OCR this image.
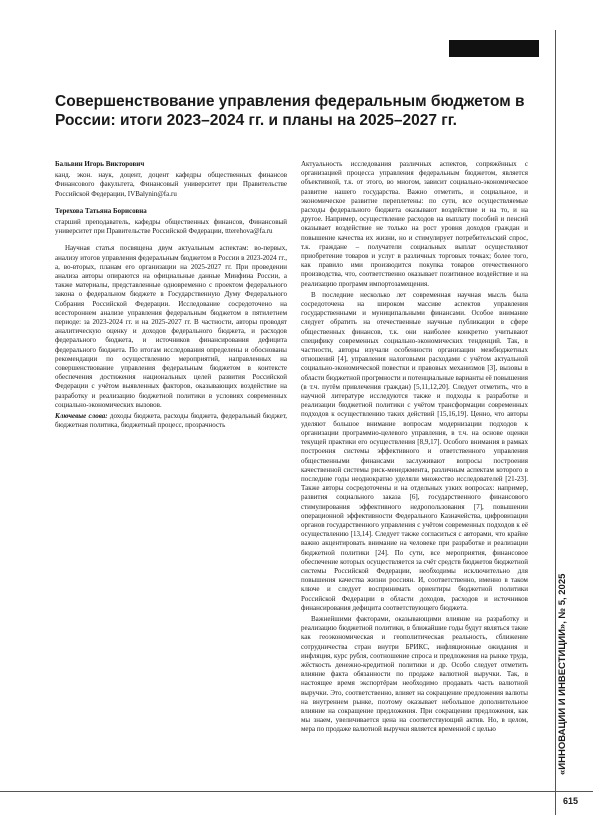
Совершенствование управления федеральным бюджетом в России: итоги 2023–2024 гг. и планы на 2025–2027 гг.

Бальвин Игорь Викторович

канд. экон. наук, доцент, доцент кафедры общественных финансов Финансового факультета, Финансовый университет при Правительстве Российской Федерации, IVBalynin@fa.ru

Терехова Татьяна Борисовна

старший преподаватель, кафедры общественных финансов, Финансовый университет при Правительстве Российской Федерации, ttterehova@fa.ru

Научная статья посвящена двум актуальным аспектам: во-первых, анализу итогов управления федеральным бюджетом в России в 2023-2024 гг., а, во-вторых, планам его организации на 2025-2027 гг. При проведении анализа авторы опираются на официальные данные Минфина России, а также материалы, представленные одновременно с проектом федерального закона о федеральном бюджете в Государственную Думу Федерального Собрания Российской Федерации. Исследование сосредоточено на всестороннем анализе управления федеральным бюджетом в пятилетнем периоде: за 2023-2024 гг. и на 2025-2027 гг. В частности, авторы проводят аналитическую оценку и доходов федерального бюджета, и расходов федерального бюджета, и источников финансирования дефицита федерального бюджета. По итогам исследования определены и обоснованы рекомендации по осуществлению мероприятий, направленных на совершенствование управления федеральным бюджетом в контексте обеспечения достижения национальных целей развития Российской Федерации с учётом выявленных факторов, оказывающих воздействие на разработку и реализацию бюджетной политики в условиях современных социально-экономических вызовов.

Ключевые слова: доходы бюджета, расходы бюджета, федеральный бюджет, бюджетная политика, бюджетный процесс, прозрачность

Актуальность исследования различных аспектов, сопряжённых с организацией процесса управления федеральным бюджетом, является объективной, т.к. от этого, во многом, зависит социально-экономическое развитие нашего государства. Важно отметить, и социальное, и экономическое развитие переплетены: по сути, все осуществляемые расходы федерального бюджета оказывают воздействие и на то, и на другое. Например, осуществление расходов на выплату пособий и пенсий оказывает воздействие не только на рост уровня доходов граждан и повышение качества их жизни, но и стимулирует потребительский спрос, т.к. граждане – получатели социальных выплат осуществляют приобретение товаров и услуг в различных торговых точках; более того, как правило ими производится покупка товаров отечественного производства, что, соответственно оказывает позитивное воздействие и на реализацию программ импортозамещения.

В последние несколько лет современная научная мысль была сосредоточена на широком массиве аспектов управления государственными и муниципальными финансами. Особое внимание следует обратить на отечественные научные публикации в сфере общественных финансов, т.к. они наиболее конкретно учитывают специфику современных социально-экономических тенденций. Так, в частности, авторы изучали особенности организации межбюджетных отношений [4], управления налоговыми расходами с учётом актуальной социально-экономической повестки и правовых механизмов [3], вызовы в области бюджетной прогрмности и потенциальные варианты её повышения (в т.ч. путём привлечения граждан) [5,11,12,20]. Следует отметить, что в научной литературе исследуются также и подходы к разработке и реализации бюджетной политики с учётом трансформации современных подходов к осуществлению таких действий [15,16,19]. Ценно, что авторы уделяют большое внимание вопросам модернизации подходов к организации программно-целевого управления, в т.ч. на основе оценки текущей практики его осуществления [8,9,17]. Особого внимания в рамках построения системы эффективного и ответственного управления общественными финансами заслуживают вопросы построения качественной системы риск-менеджмента, различным аспектам которого в последние годы неоднократно уделяли множество исследователей [21-23]. Также авторы сосредоточены и на отдельных узких вопросах: например, развития социального заказа [6], государственного финансового стимулирования эффективного недропользования [7], повышении операционной эффективности Федерального Казначейства, цифровизации органов государственного управления с учётом современных подходов к её осуществлению [13,14]. Следует также согласиться с авторами, что крайне важно акцентировать внимание на человеке при разработке и реализации бюджетной политики [24]. По сути, все мероприятия, финансовое обеспечение которых осуществляется за счёт средств бюджетов бюджетной системы Российской Федерации, необходимы исключительно для повышения качества жизни россиян. И, соответственно, именно в таком ключе и следует воспринимать ориентиры бюджетной политики Российской Федерации в области доходов, расходов и источников финансирования дефицита соответствующего бюджета.

Важнейшими факторами, оказывающими влияние на разработку и реализацию бюджетной политики, в ближайшие годы будут являться такие как геоэкономическая и геополитическая реальность, сближение сотрудничества стран внутри БРИКС, инфляционные ожидания и инфляция, курс рубля, соотношение спроса и предложения на рынке труда, жёсткость денежно-кредитной политики и др. Особо следует отметить влияние факта обязанности по продаже валютной выручки. Так, в настоящее время экспортёрам необходимо продавать часть валютной выручки. Это, соответственно, влияет на сокращение предложения валюты на внутреннем рынке, поэтому оказывает небольшое дополнительное влияние на сокращение предложения. При сокращении предложения, как мы знаем, увеличивается цена на соответствующий актив. Но, в целом, мера по продаже валютной выручки является временной с целью	«ИННОВАЦИИ И ИНВЕСТИЦИИ», № 5, 2025
615
